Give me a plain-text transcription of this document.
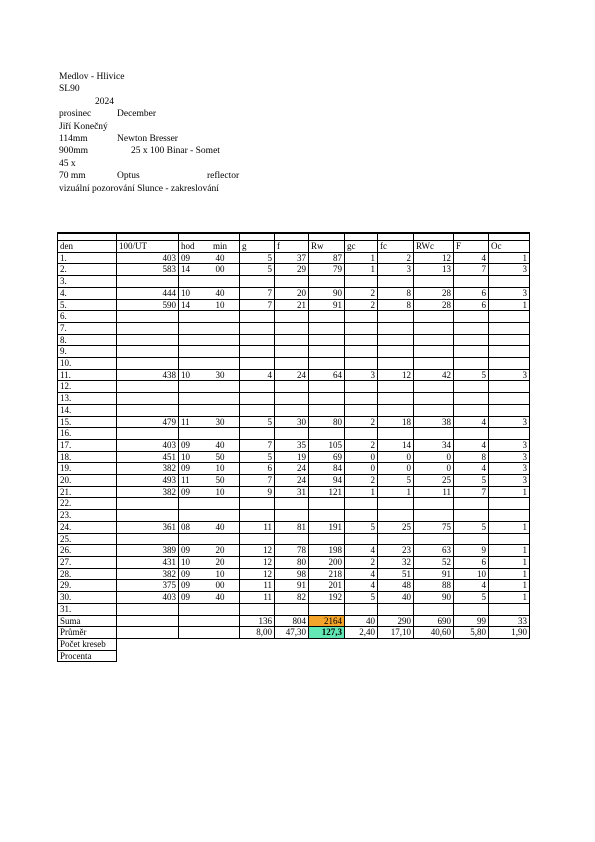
Medlov - Hlivice
SL90
2024
prosinec	December
Jiří Konečný
114mm	Newton Bresser
900mm	25 x 100 Binar - Somet
45 x
70 mm	Optus	reflector
vizuální pozorování Slunce - zakreslování

den	100/UT	hod min	g	f	Rw	gc	fc	RWc	F	Oc
1.	403	09 40	5	37	87	1	2	12	4	1
2.	583	14 00	5	29	79	1	3	13	7	3
3.										
4.	444	10 40	7	20	90	2	8	28	6	3
5.	590	14 10	7	21	91	2	8	28	6	1
6.										
7.										
8.										
9.										
10.										
11.	438	10 30	4	24	64	3	12	42	5	3
12.										
13.										
14.										
15.	479	11 30	5	30	80	2	18	38	4	3
16.										
17.	403	09 40	7	35	105	2	14	34	4	3
18.	451	10 50	5	19	69	0	0	0	8	3
19.	382	09 10	6	24	84	0	0	0	4	3
20.	493	11 50	7	24	94	2	5	25	5	3
21.	382	09 10	9	31	121	1	1	11	7	1
22.										
23.										
24.	361	08 40	11	81	191	5	25	75	5	1
25.										
26.	389	09 20	12	78	198	4	23	63	9	1
27.	431	10 20	12	80	200	2	32	52	6	1
28.	382	09 10	12	98	218	4	51	91	10	1
29.	375	09 00	11	91	201	4	48	88	4	1
30.	403	09 40	11	82	192	5	40	90	5	1
31.										
Suma			136	804	2164	40	290	690	99	33
Průměr			8,00	47,30	127,3	2,40	17,10	40,60	5,80	1,90
Počet kreseb										
Procenta										
